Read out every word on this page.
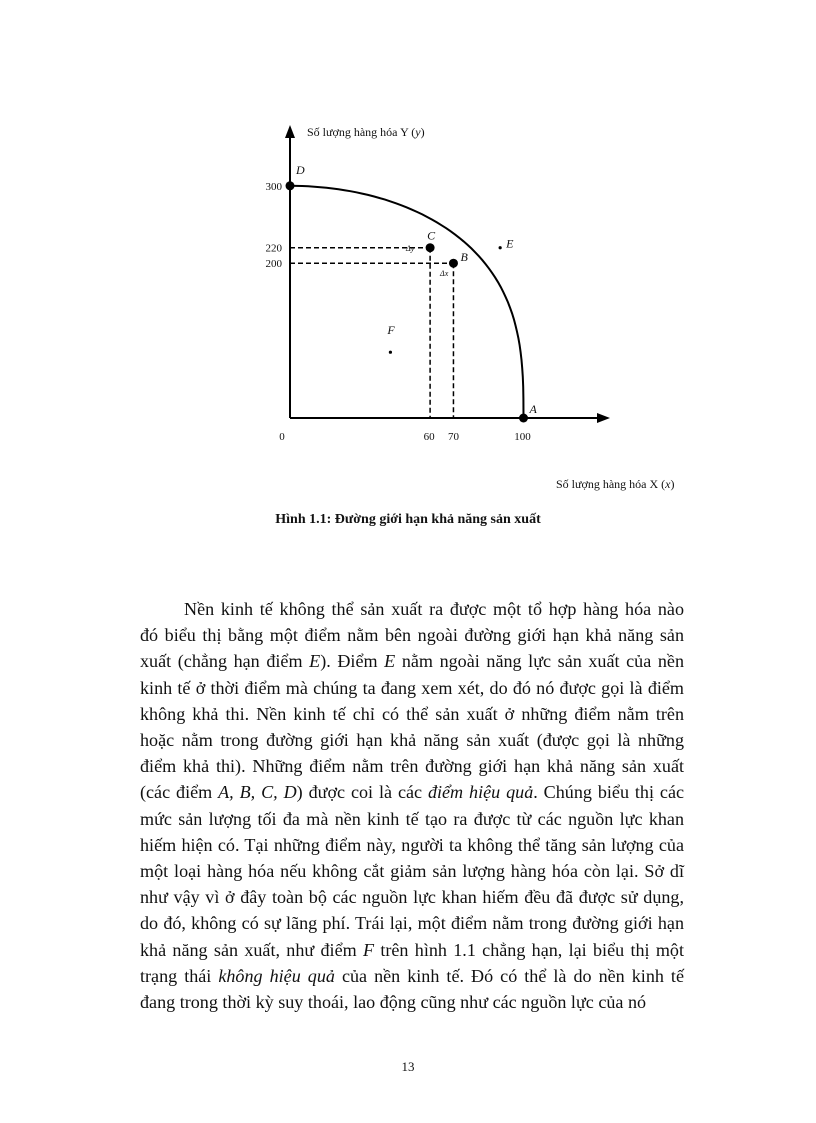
Số lượng hàng hóa Y (y)
Số lượng hàng hóa X (x)
200
220
300
0	60 70	100
D
C
B
A
E
F
Δy
Δx
Hình 1.1: Đường giới hạn khả năng sản xuất
Nền kinh tế không thể sản xuất ra được một tổ hợp hàng hóa nào
đó biểu thị bằng một điểm nằm bên ngoài đường giới hạn khả năng sản
xuất (chẳng hạn điểm E). Điểm E nằm ngoài năng lực sản xuất của nền
kinh tế ở thời điểm mà chúng ta đang xem xét, do đó nó được gọi là điểm
không khả thi. Nền kinh tế chỉ có thể sản xuất ở những điểm nằm trên
hoặc nằm trong đường giới hạn khả năng sản xuất (được gọi là những
điểm khả thi). Những điểm nằm trên đường giới hạn khả năng sản xuất
(các điểm A, B, C, D) được coi là các điểm hiệu quả. Chúng biểu thị các
mức sản lượng tối đa mà nền kinh tế tạo ra được từ các nguồn lực khan
hiếm hiện có. Tại những điểm này, người ta không thể tăng sản lượng của
một loại hàng hóa nếu không cắt giảm sản lượng hàng hóa còn lại. Sở dĩ
như vậy vì ở đây toàn bộ các nguồn lực khan hiếm đều đã được sử dụng,
do đó, không có sự lãng phí. Trái lại, một điểm nằm trong đường giới hạn
khả năng sản xuất, như điểm F trên hình 1.1 chẳng hạn, lại biểu thị một
trạng thái không hiệu quả của nền kinh tế. Đó có thể là do nền kinh tế
đang trong thời kỳ suy thoái, lao động cũng như các nguồn lực của nó
13
